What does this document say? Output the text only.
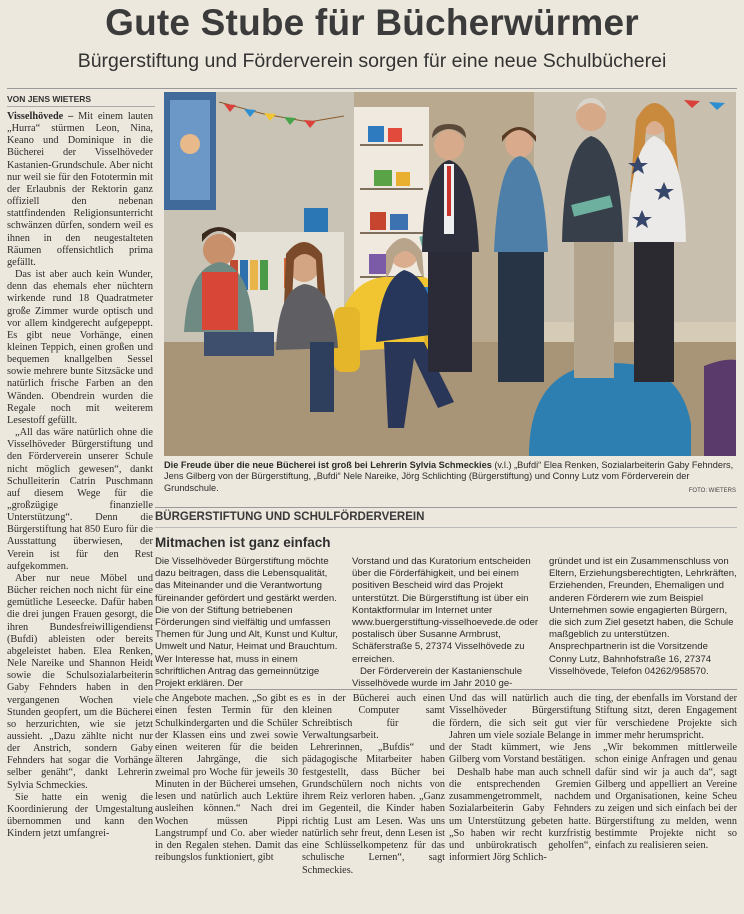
Gute Stube für Bücherwürmer
Bürgerstiftung und Förderverein sorgen für eine neue Schulbücherei
VON JENS WIETERS

Visselhövede – Mit einem lauten „Hurra“ stürmen Leon, Nina, Keano und Dominique in die Bücherei der Visselhöveder Kastanien-Grundschule. Aber nicht nur weil sie für den Fototermin mit der Erlaubnis der Rektorin ganz offiziell den nebenan stattfindenden Religionsunterricht schwänzen dürfen, sondern weil es ihnen in den neugestalteten Räumen offensichtlich prima gefällt.

Das ist aber auch kein Wunder, denn das ehemals eher nüchtern wirkende rund 18 Quadratmeter große Zimmer wurde optisch und vor allem kindgerecht aufgepeppt. Es gibt neue Vorhänge, einen kleinen Teppich, einen großen und bequemen knallgelben Sessel sowie mehrere bunte Sitzsäcke und natürlich frische Farben an den Wänden. Obendrein wurden die Regale noch mit weiterem Lesestoff gefüllt.

„All das wäre natürlich ohne die Visselhöveder Bürgerstiftung und den Förderverein unserer Schule nicht möglich gewesen“, dankt Schulleiterin Catrin Puschmann auf diesem Wege für die „großzügige finanzielle Unterstützung“. Denn die Bürgerstiftung hat 850 Euro für die Ausstattung überwiesen, der Verein ist für den Rest aufgekommen.

Aber nur neue Möbel und Bücher reichen noch nicht für eine gemütliche Leseecke. Dafür haben die drei jungen Frauen gesorgt, die ihren Bundesfreiwilligendienst (Bufdi) ableisten oder bereits abgeleistet haben. Elea Renken, Nele Nareike und Shannon Heidt sowie die Schulsozialarbeiterin Gaby Fehnders haben in den vergangenen Wochen viele Stunden geopfert, um die Bücherei so herzurichten, wie sie jetzt aussieht. „Dazu zählte nicht nur der Anstrich, sondern Gaby Fehnders hat sogar die Vorhänge selber genäht“, dankt Lehrerin Sylvia Schmeckies.

Sie hatte ein wenig die Koordinierung der Umgestaltung übernommen und kann den Kindern jetzt umfangrei-

Die Freude über die neue Bücherei ist groß bei Lehrerin Sylvia Schmeckies (v.l.) „Bufdi“ Elea Renken, Sozialarbeiterin Gaby Fehnders, Jens Gilberg von der Bürgerstiftung, „Bufdi“ Nele Nareike, Jörg Schlichting (Bürgerstiftung) und Conny Lutz vom Förderverein der Grundschule.	FOTO: WIETERS
BÜRGERSTIFTUNG UND SCHULFÖRDERVEREIN
Mitmachen ist ganz einfach

Die Visselhöveder Bürgerstiftung möchte dazu beitragen, dass die Lebensqualität, das Miteinander und die Verantwortung füreinander gefördert und gestärkt werden. Die von der Stiftung betriebenen Förderungen sind vielfältig und umfassen Themen für Jung und Alt, Kunst und Kultur, Umwelt und Natur, Heimat und Brauchtum. Wer Interesse hat, muss in einem schriftlichen Antrag das gemeinnützige Projekt erklären. Der

Vorstand und das Kuratorium entscheiden über die Förderfähigkeit, und bei einem positiven Bescheid wird das Projekt unterstützt. Die Bürgerstiftung ist über ein Kontaktformular im Internet unter www.buergerstiftung-visselhoevede.de oder postalisch über Susanne Armbrust, Schäferstraße 5, 27374 Visselhövede zu erreichen.

Der Förderverein der Kastanienschule Visselhövede wurde im Jahr 2010 ge-

gründet und ist ein Zusammenschluss von Eltern, Erziehungsberechtigten, Lehrkräften, Erziehenden, Freunden, Ehemaligen und anderen Förderern wie zum Beispiel Unternehmen sowie engagierten Bürgern, die sich zum Ziel gesetzt haben, die Schule maßgeblich zu unterstützen. Ansprechpartnerin ist die Vorsitzende Conny Lutz, Bahnhofstraße 16, 27374 Visselhövede, Telefon 04262/958570.

che Angebote machen. „So gibt es einen festen Termin für den Schulkindergarten und die Schüler der Klassen eins und zwei sowie einen weiteren für die beiden älteren Jahrgänge, die sich zweimal pro Woche für jeweils 30 Minuten in der Bücherei umsehen, lesen und natürlich auch Lektüre ausleihen können.“ Nach drei Wochen müssen Pippi Langstrumpf und Co. aber wieder in den Regalen stehen. Damit das reibungslos funktioniert, gibt

es in der Bücherei auch einen kleinen Computer samt Schreibtisch für die Verwaltungsarbeit.

Lehrerinnen, „Bufdis“ und pädagogische Mitarbeiter haben festgestellt, dass Bücher bei Grundschülern noch nichts von ihrem Reiz verloren haben. „Ganz im Gegenteil, die Kinder haben richtig Lust am Lesen. Was uns natürlich sehr freut, denn Lesen ist eine Schlüsselkompetenz für das schulische Lernen“, sagt Schmeckies.

Und das will natürlich auch die Visselhöveder Bürgerstiftung fördern, die sich seit gut vier Jahren um viele soziale Belange in der Stadt kümmert, wie Jens Gilberg vom Vorstand bestätigen.

Deshalb habe man auch schnell die entsprechenden Gremien zusammengetrommelt, nachdem Sozialarbeiterin Gaby Fehnders um Unterstützung gebeten hatte. „So haben wir recht kurzfristig und unbürokratisch geholfen“, informiert Jörg Schlich-

ting, der ebenfalls im Vorstand der Stiftung sitzt, deren Engagement für verschiedene Projekte sich immer mehr herumspricht.

„Wir bekommen mittlerweile schon einige Anfragen und genau dafür sind wir ja auch da“, sagt Gilberg und appelliert an Vereine und Organisationen, keine Scheu zu zeigen und sich einfach bei der Bürgerstiftung zu melden, wenn bestimmte Projekte nicht so einfach zu realisieren seien.
